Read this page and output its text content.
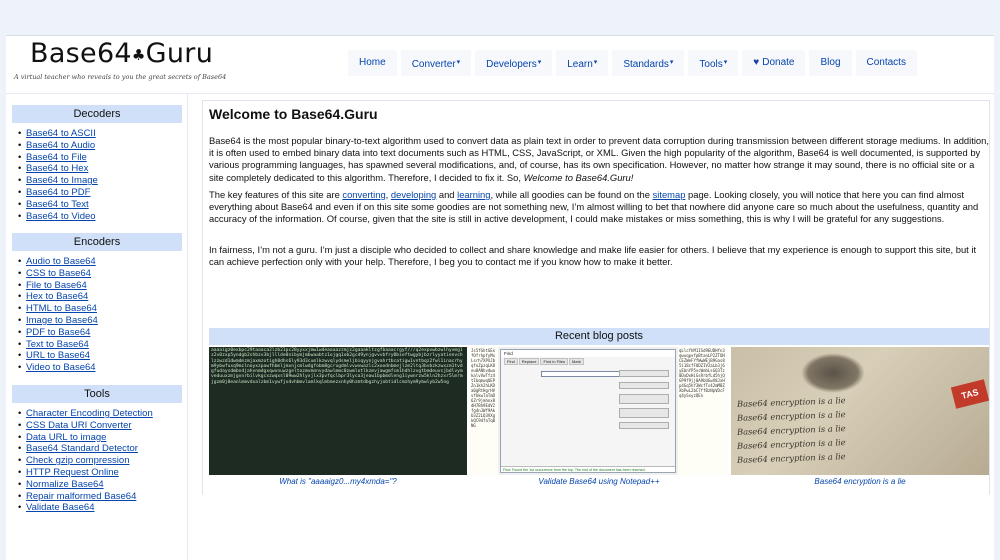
Base64♣Guru
A virtual teacher who reveals to you the great secrets of Base64
Home	Converter▾	Developers▾	Learn▾	Standards▾	Tools▾	♥ Donate	Blog	Contacts
Decoders
• Base64 to ASCII
• Base64 to Audio
• Base64 to File
• Base64 to Hex
• Base64 to Image
• Base64 to PDF
• Base64 to Text
• Base64 to Video
Encoders
• Audio to Base64
• CSS to Base64
• File to Base64
• Hex to Base64
• HTML to Base64
• Image to Base64
• PDF to Base64
• Text to Base64
• URL to Base64
• Video to Base64
Tools
• Character Encoding Detection
• CSS Data URI Converter
• Data URL to image
• Base64 Standard Detector
• Check gzip compression
• HTTP Request Online
• Normalize Base64
• Repair malformed Base64
• Validate Base64
Welcome to Base64.Guru

Base64 is the most popular binary-to-text algorithm used to convert data as plain text in order to prevent data corruption during transmission between different storage mediums. In addition, it is often used to embed binary data into text documents such as HTML, CSS, JavaScript, or XML. Given the high popularity of the algorithm, Base64 is well documented, is supported by various programming languages, has spawned several modifications, and, of course, has its own specification. However, no matter how strange it may sound, there is no official site or a site completely dedicated to this algorithm. Therefore, I decided to fix it. So, Welcome to Base64.Guru!

The key features of this site are converting, developing and learning, while all goodies can be found on the sitemap page. Looking closely, you will notice that here you can find almost everything about Base64 and even if on this site some goodies are not something new, I’m almost willing to bet that nowhere did anyone care so much about the usefulness, quantity and accuracy of the information. Of course, given that the site is still in active development, I could make mistakes or miss something, this is why I will be grateful for any suggestions.

In fairness, I’m not a guru. I’m just a disciple who decided to collect and share knowledge and make life easier for others. I believe that my experience is enough to support this site, but it can achieve perfection only with your help. Therefore, I beg you to contact me if you know how to make it better.

Recent blog posts
aaaaigz0exbpc29taaaca2lzb21pc28yyxxjmw1wdeaaaazzmjz2gaaakltzgfbaaacrgyf///q2expvwbzwlhyvmg1z2v0zxp5yndgb2shbzv3bjlllde0nibymjmbwaabtz1ojgq1ob2gcd9ynjgvvvbfry0bieftwgybjbzrlyyatienvchlzzwzd1dwmdmzmjaxmzotigh0dhs6ly93d3cumlkzwvqlydsmeljbiqyynjgvahrtbcatigw1vntbqz2fwl1inacrhym9ybwfuxq9mzlnoyxzpawfhbmljmxnjcmlwdgfobm8gcrugdmlvvwvwazlc2xoodnbmejlzm2ltq3bvbzkzwxzm1tvdgfudaysdmbndjahvnmdgxqwxnuwzgeltozmvmnnvydawlmmc0zwmlotlkzmvjawgmfcm1hdhlzvgtbmdeuvsjbdlvymveduuxzmjgvnrbilvkgcxzwqxsl09ww2hlyxjlx3pvfqclbpr3lyca3jeaw1bpbmdleng1iywnrzw5kln2hzxr5lmrmjgzm0j0eanlmmvdxalzbm1vywfjxdvhbmvlamlkqlmbmezxnhy0hzmtdbgzhyjobtidlcmzhym9ybwlyb2w5ng
What is "aaaaigz0...my4xmda="?
Js5fGhtGExfOfrhpfyMxLsrh7XPXJbqfoZpzqLK8eu8ANhvdwakalvVwTfz4tIbqmwqUEPZn1kh2hLKDa0gRtHgrHVvfbkwTaTmD6Zr9jmhnx8dH7Bh9EdV2fg4nJWf9AkU3Z2LQ3VXgkQC9dfaTqBNG
Find
Find	Replace	Find in Files	Mark
Find: Found the 1st occurrence from the top. The end of the document has been reached.
qLlcYhM1ISd9EUDHfn3qwuqpvfpBtanLP2ZTOHCEZWeFYfWwWEjB9Gas85i18cfFUDZIV2aLb3j6yEbnYP5vcWmhLsGQ3Tz0DxDxHiGsRrbfLd5hjQGP9f9jj0A9bUGwX8JxHp4Gq5hY3WcfTs42mMBZXbPwL2bC7ffBzNpVDcFq4ySxyzQEn
Validate Base64 using Notepad++
Base64 encryption is a lie
Base64 encryption is a lie
Base64 encryption is a lie
Base64 encryption is a lie
Base64 encryption is a lie
TAS
Base64 encryption is a lie
